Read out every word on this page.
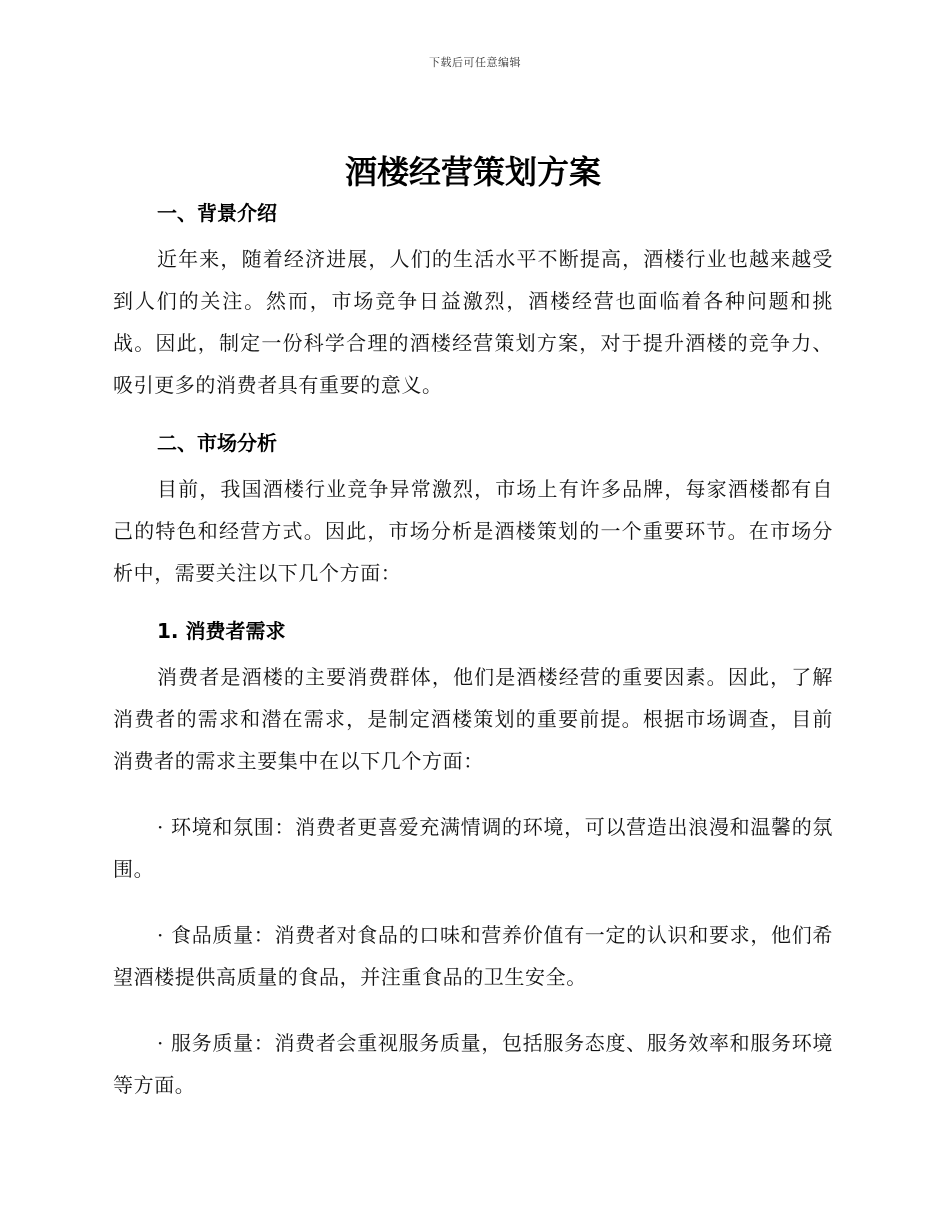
下载后可任意编辑
酒楼经营策划方案
一、背景介绍

近年来，随着经济进展，人们的生活水平不断提高，酒楼行业也越来越受到人们的关注。然而，市场竞争日益激烈，酒楼经营也面临着各种问题和挑战。因此，制定一份科学合理的酒楼经营策划方案，对于提升酒楼的竞争力、吸引更多的消费者具有重要的意义。

二、市场分析

目前，我国酒楼行业竞争异常激烈，市场上有许多品牌，每家酒楼都有自己的特色和经营方式。因此，市场分析是酒楼策划的一个重要环节。在市场分析中，需要关注以下几个方面：

1. 消费者需求

消费者是酒楼的主要消费群体，他们是酒楼经营的重要因素。因此，了解消费者的需求和潜在需求，是制定酒楼策划的重要前提。根据市场调查，目前消费者的需求主要集中在以下几个方面：

· 环境和氛围：消费者更喜爱充满情调的环境，可以营造出浪漫和温馨的氛围。

· 食品质量：消费者对食品的口味和营养价值有一定的认识和要求，他们希望酒楼提供高质量的食品，并注重食品的卫生安全。

· 服务质量：消费者会重视服务质量，包括服务态度、服务效率和服务环境等方面。
